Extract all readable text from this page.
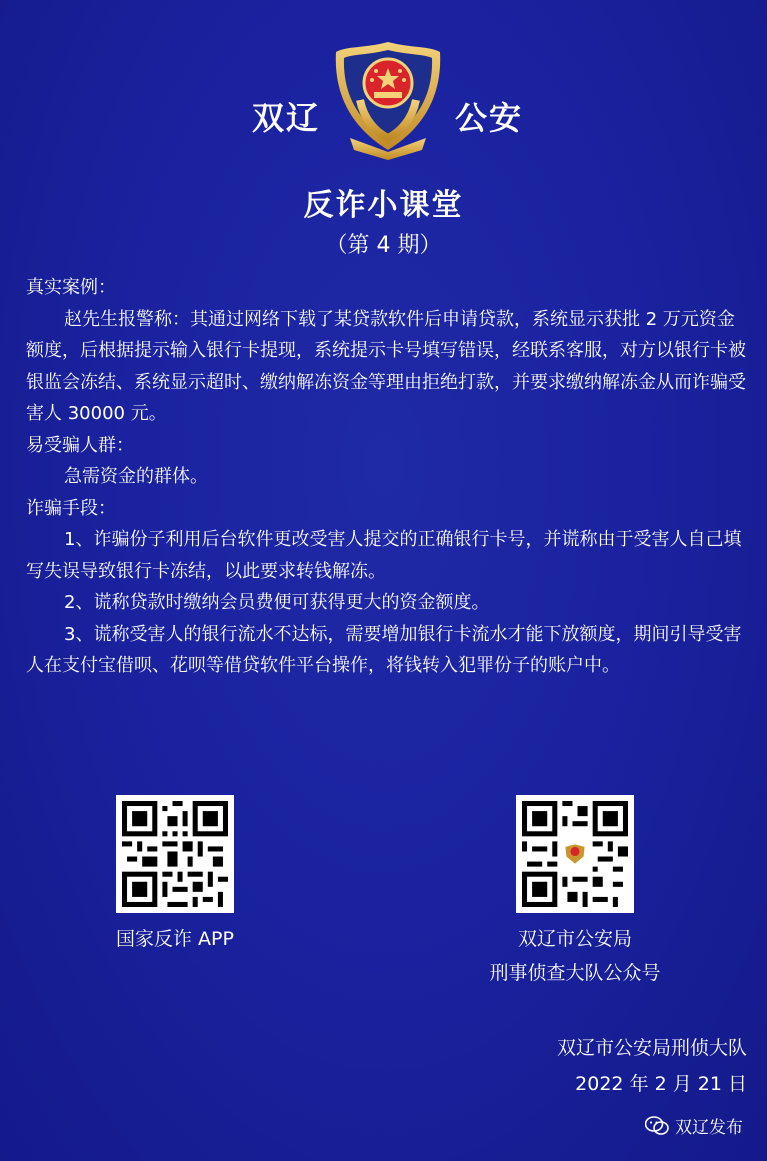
双辽	公安
反诈小课堂
（第 4 期）

真实案例：

赵先生报警称：其通过网络下载了某贷款软件后申请贷款，系统显示获批 2 万元资金额度，后根据提示输入银行卡提现，系统提示卡号填写错误，经联系客服，对方以银行卡被银监会冻结、系统显示超时、缴纳解冻资金等理由拒绝打款，并要求缴纳解冻金从而诈骗受害人 30000 元。

易受骗人群：

急需资金的群体。

诈骗手段：

1、诈骗份子利用后台软件更改受害人提交的正确银行卡号，并谎称由于受害人自己填写失误导致银行卡冻结，以此要求转钱解冻。

2、谎称贷款时缴纳会员费便可获得更大的资金额度。

3、谎称受害人的银行流水不达标，需要增加银行卡流水才能下放额度，期间引导受害人在支付宝借呗、花呗等借贷软件平台操作，将钱转入犯罪份子的账户中。

国家反诈 APP	双辽市公安局
刑事侦查大队公众号
双辽市公安局刑侦大队
2022 年 2 月 21 日
双辽发布
